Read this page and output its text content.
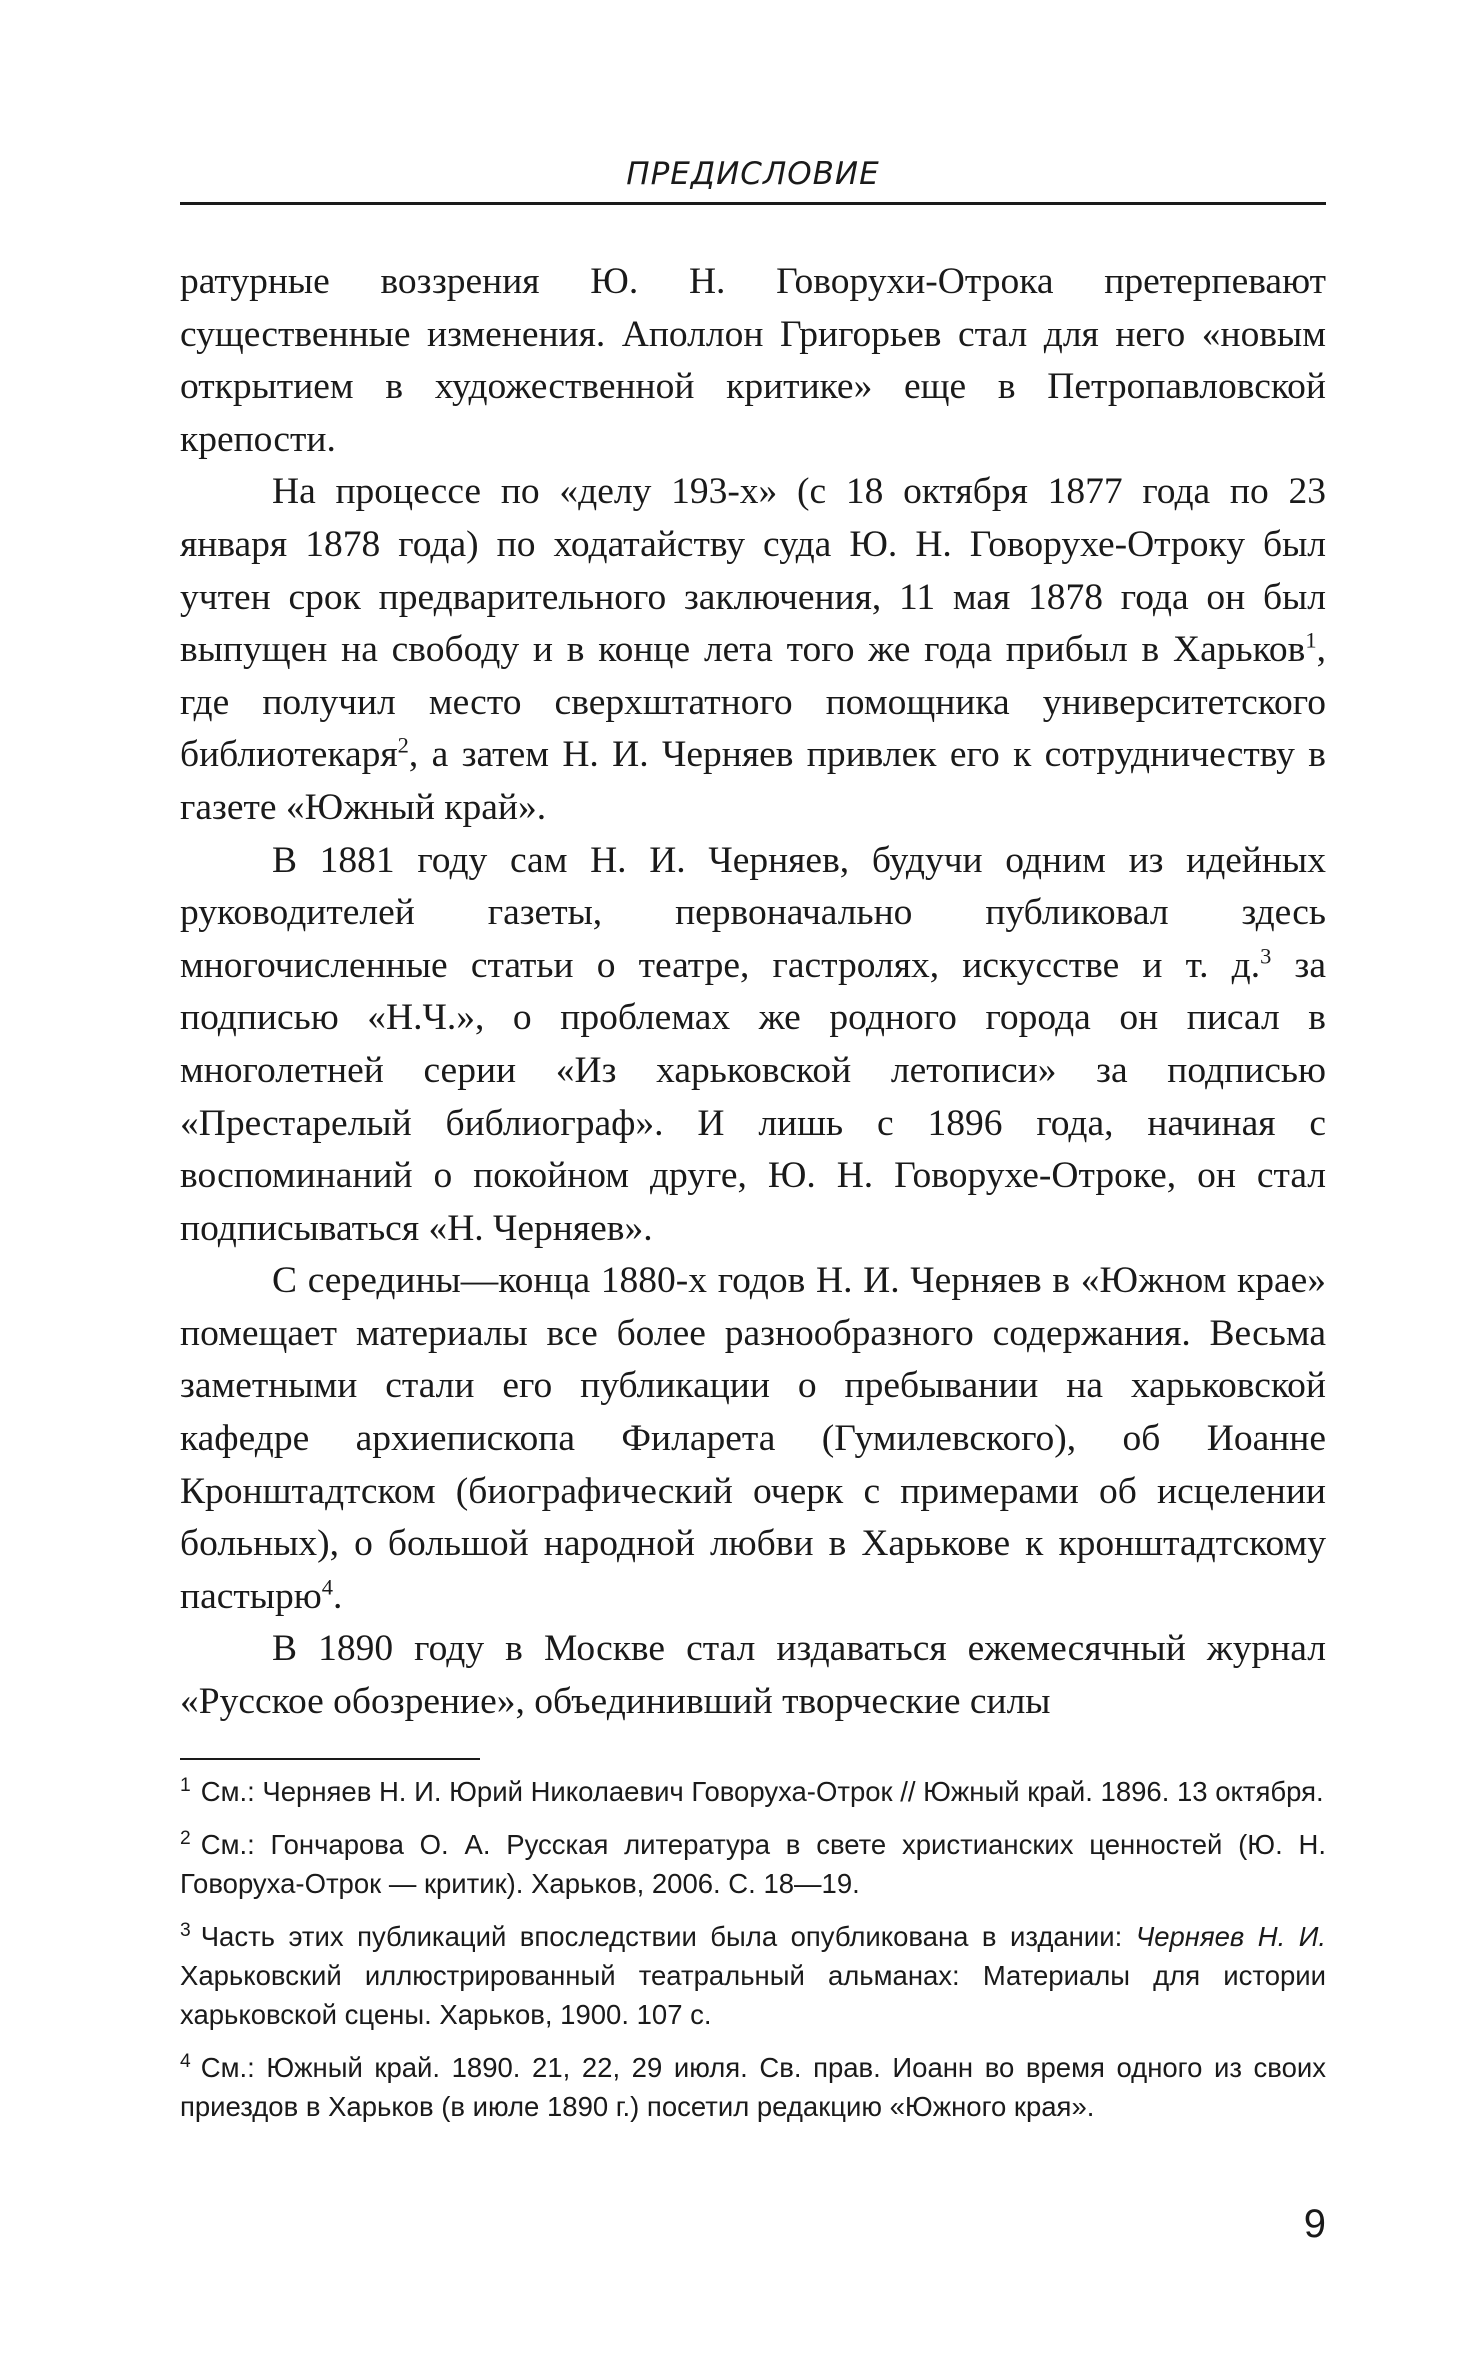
ПРЕДИСЛОВИЕ

ратурные воззрения Ю. Н. Говорухи-Отрока претерпевают существенные изменения. Аполлон Григорьев стал для него «новым открытием в художественной критике» еще в Петропавловской крепости.

На процессе по «делу 193-х» (с 18 октября 1877 года по 23 января 1878 года) по ходатайству суда Ю. Н. Говорухе-Отроку был учтен срок предварительного заключения, 11 мая 1878 года он был выпущен на свободу и в конце лета того же года прибыл в Харьков$^1$, где получил место сверхштатного помощника университетского библиотекаря$^2$, а затем Н. И. Черняев привлек его к сотрудничеству в газете «Южный край».

В 1881 году сам Н. И. Черняев, будучи одним из идейных руководителей газеты, первоначально публиковал здесь многочисленные статьи о театре, гастролях, искусстве и т. д.$^3$ за подписью «Н.Ч.», о проблемах же родного города он писал в многолетней серии «Из харьковской летописи» за подписью «Престарелый библиограф». И лишь с 1896 года, начиная с воспоминаний о покойном друге, Ю. Н. Говорухе-Отроке, он стал подписываться «Н. Черняев».

С середины—конца 1880-х годов Н. И. Черняев в «Южном крае» помещает материалы все более разнообразного содержания. Весьма заметными стали его публикации о пребывании на харьковской кафедре архиепископа Филарета (Гумилевского), об Иоанне Кронштадтском (биографический очерк с примерами об исцелении больных), о большой народной любви в Харькове к кронштадтскому пастырю$^4$.

В 1890 году в Москве стал издаваться ежемесячный журнал «Русское обозрение», объединивший творческие силы

$^1$ См.: Черняев Н. И. Юрий Николаевич Говоруха-Отрок // Южный край. 1896. 13 октября.

$^2$ См.: Гончарова О. А. Русская литература в свете христианских ценностей (Ю. Н. Говоруха-Отрок — критик). Харьков, 2006. С. 18—19.

$^3$ Часть этих публикаций впоследствии была опубликована в издании: Черняев Н. И. Харьковский иллюстрированный театральный альманах: Материалы для истории харьковской сцены. Харьков, 1900. 107 с.

$^4$ См.: Южный край. 1890. 21, 22, 29 июля. Св. прав. Иоанн во время одного из своих приездов в Харьков (в июле 1890 г.) посетил редакцию «Южного края».

9
